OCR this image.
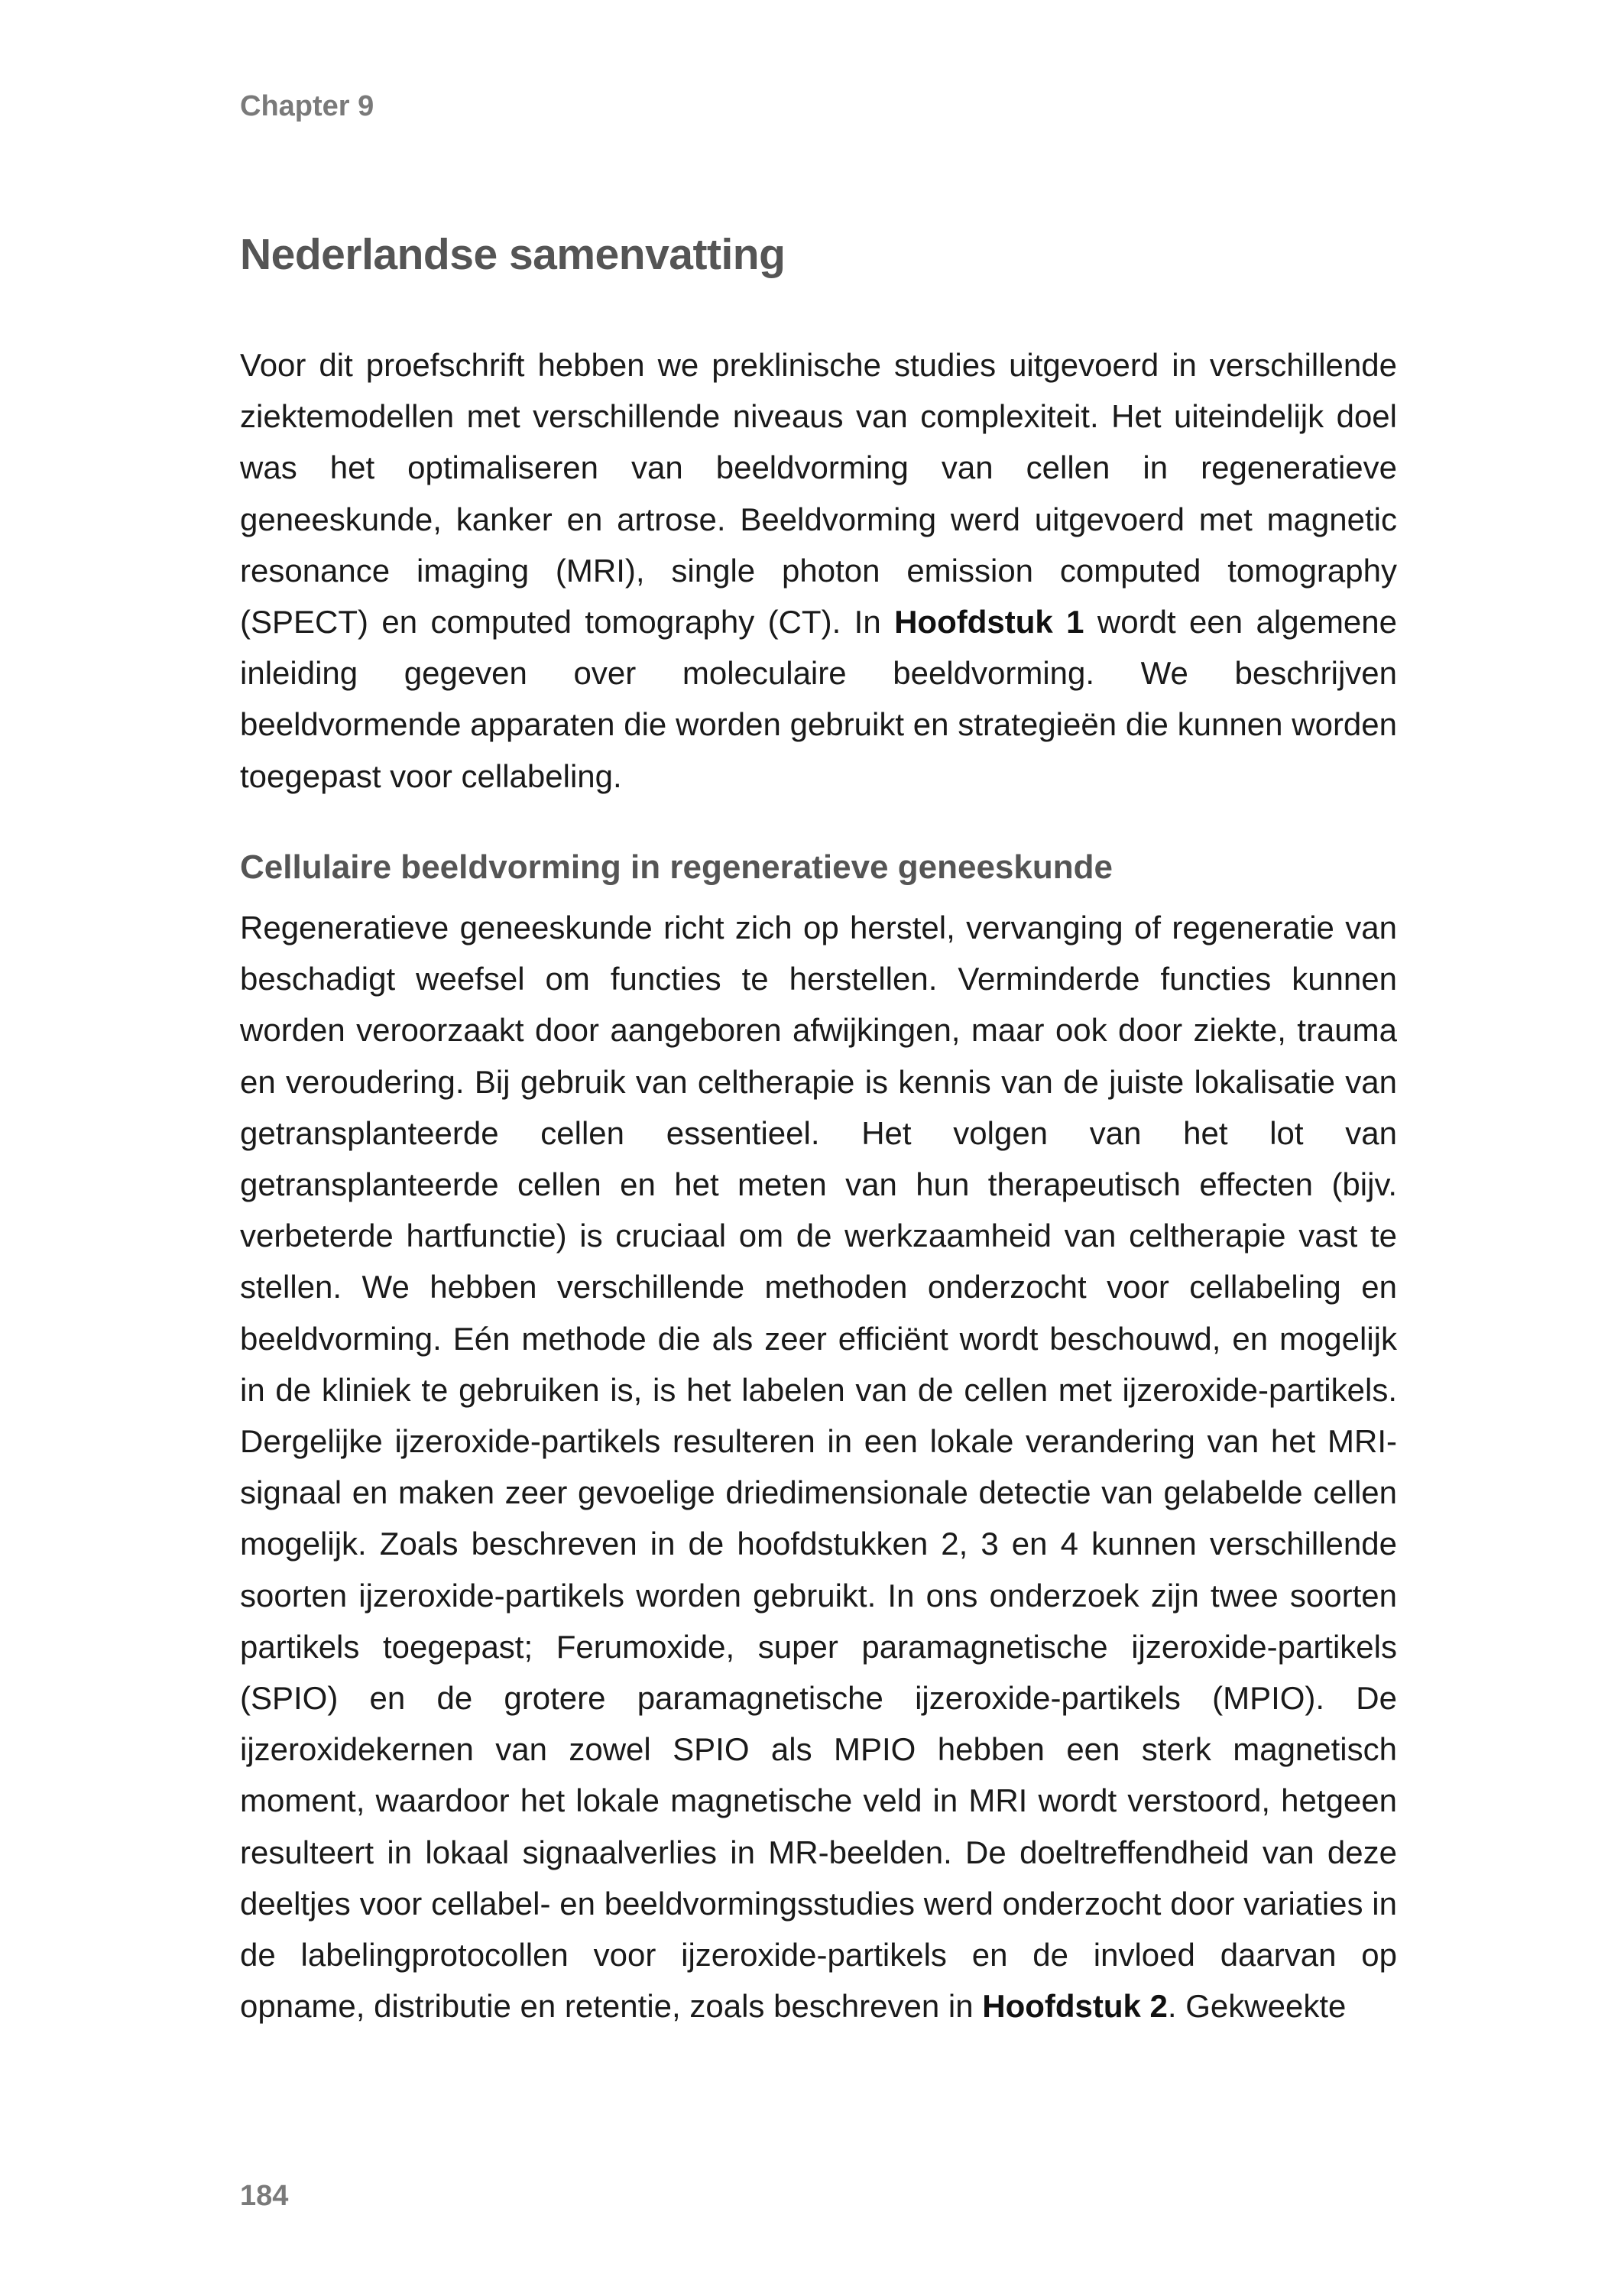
Chapter 9
Nederlandse samenvatting

Voor dit proefschrift hebben we preklinische studies uitgevoerd in verschillende ziektemodellen met verschillende niveaus van complexiteit. Het uiteindelijk doel was het optimaliseren van beeldvorming van cellen in regeneratieve geneeskunde, kanker en artrose. Beeldvorming werd uitgevoerd met magnetic resonance imaging (MRI), single photon emission computed tomography (SPECT) en computed tomography (CT). In Hoofdstuk 1 wordt een algemene inleiding gegeven over moleculaire beeldvorming. We beschrijven beeldvormende apparaten die worden gebruikt en strategieën die kunnen worden toegepast voor cellabeling.

Cellulaire beeldvorming in regeneratieve geneeskunde

Regeneratieve geneeskunde richt zich op herstel, vervanging of regeneratie van beschadigt weefsel om functies te herstellen. Verminderde functies kunnen worden veroorzaakt door aangeboren afwijkingen, maar ook door ziekte, trauma en veroudering. Bij gebruik van celtherapie is kennis van de juiste lokalisatie van getransplanteerde cellen essentieel. Het volgen van het lot van getransplanteerde cellen en het meten van hun therapeutisch effecten (bijv. verbeterde hartfunctie) is cruciaal om de werkzaamheid van celtherapie vast te stellen. We hebben verschillende methoden onderzocht voor cellabeling en beeldvorming. Eén methode die als zeer efficiënt wordt beschouwd, en mogelijk in de kliniek te gebruiken is, is het labelen van de cellen met ijzeroxide-partikels. Dergelijke ijzeroxide-partikels resulteren in een lokale verandering van het MRI-signaal en maken zeer gevoelige driedimensionale detectie van gelabelde cellen mogelijk. Zoals beschreven in de hoofdstukken 2, 3 en 4 kunnen verschillende soorten ijzeroxide-partikels worden gebruikt. In ons onderzoek zijn twee soorten partikels toegepast; Ferumoxide, super paramagnetische ijzeroxide-partikels (SPIO) en de grotere paramagnetische ijzeroxide-partikels (MPIO). De ijzeroxidekernen van zowel SPIO als MPIO hebben een sterk magnetisch moment, waardoor het lokale magnetische veld in MRI wordt verstoord, hetgeen resulteert in lokaal signaalverlies in MR-beelden. De doeltreffendheid van deze deeltjes voor cellabel- en beeldvormingsstudies werd onderzocht door variaties in de labelingprotocollen voor ijzeroxide-partikels en de invloed daarvan op opname, distributie en retentie, zoals beschreven in Hoofdstuk 2. Gekweekte

184
